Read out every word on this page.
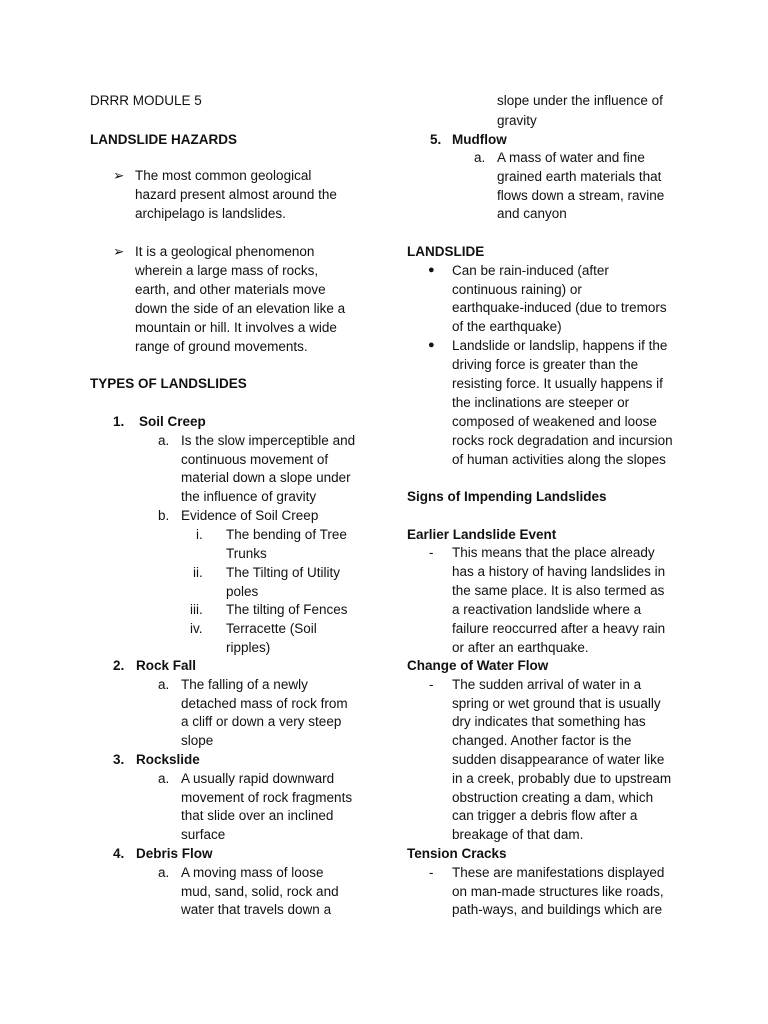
DRRR MODULE 5
LANDSLIDE HAZARDS
➢ The most common geological
hazard present almost around the
archipelago is landslides.
➢ It is a geological phenomenon
wherein a large mass of rocks,
earth, and other materials move
down the side of an elevation like a
mountain or hill. It involves a wide
range of ground movements.
TYPES OF LANDSLIDES
1. Soil Creep
a. Is the slow imperceptible and
continuous movement of
material down a slope under
the influence of gravity
b. Evidence of Soil Creep
i. The bending of Tree
Trunks
ii. The Tilting of Utility
poles
iii. The tilting of Fences
iv. Terracette (Soil
ripples)
2. Rock Fall
a. The falling of a newly
detached mass of rock from
a cliff or down a very steep
slope
3. Rockslide
a. A usually rapid downward
movement of rock fragments
that slide over an inclined
surface
4. Debris Flow
a. A moving mass of loose
mud, sand, solid, rock and
water that travels down a
slope under the influence of
gravity
5. Mudflow
a. A mass of water and fine
grained earth materials that
flows down a stream, ravine
and canyon
LANDSLIDE
● Can be rain-induced (after
continuous raining) or
earthquake-induced (due to tremors
of the earthquake)
● Landslide or landslip, happens if the
driving force is greater than the
resisting force. It usually happens if
the inclinations are steeper or
composed of weakened and loose
rocks rock degradation and incursion
of human activities along the slopes
Signs of Impending Landslides
Earlier Landslide Event
- This means that the place already
has a history of having landslides in
the same place. It is also termed as
a reactivation landslide where a
failure reoccurred after a heavy rain
or after an earthquake.
Change of Water Flow
- The sudden arrival of water in a
spring or wet ground that is usually
dry indicates that something has
changed. Another factor is the
sudden disappearance of water like
in a creek, probably due to upstream
obstruction creating a dam, which
can trigger a debris flow after a
breakage of that dam.
Tension Cracks
- These are manifestations displayed
on man-made structures like roads,
path-ways, and buildings which are
